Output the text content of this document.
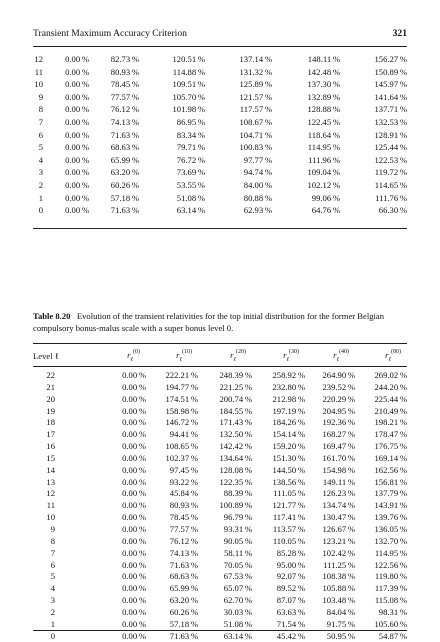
Transient Maximum Accuracy Criterion	321
12	0.00 %	82.73 %	120.51 %	137.14 %	148.11 %	156.27 %
11	0.00 %	80.93 %	114.88 %	131.32 %	142.48 %	150.89 %
10	0.00 %	78.45 %	109.51 %	125.89 %	137.30 %	145.97 %
9	0.00 %	77.57 %	105.70 %	121.57 %	132.89 %	141.64 %
8	0.00 %	76.12 %	101.98 %	117.57 %	128.88 %	137.71 %
7	0.00 %	74.13 %	86.95 %	108.67 %	122.45 %	132.53 %
6	0.00 %	71.63 %	83.34 %	104.71 %	118.64 %	128.91 %
5	0.00 %	68.63 %	79.71 %	100.83 %	114.95 %	125.44 %
4	0.00 %	65.99 %	76.72 %	97.77 %	111.96 %	122.53 %
3	0.00 %	63.20 %	73.69 %	94.74 %	109.04 %	119.72 %
2	0.00 %	60.26 %	53.55 %	84.00 %	102.12 %	114.65 %
1	0.00 %	57.18 %	51.08 %	80.88 %	99.06 %	111.76 %
0	0.00 %	71.63 %	63.14 %	62.93 %	64.76 %	66.30 %
Table 8.20 Evolution of the transient relativities for the top initial distribution for the former Belgian compulsory bonus-malus scale with a super bonus level 0.
Level ℓ	$r_\ell^{(0)}$	$r_\ell^{(10)}$	$r_\ell^{(20)}$	$r_\ell^{(30)}$	$r_\ell^{(40)}$	$r_\ell^{(80)}$
22	0.00 %	222.21 %	248.39 %	258.92 %	264.90 %	269.02 %
21	0.00 %	194.77 %	221.25 %	232.80 %	239.52 %	244.20 %
20	0.00 %	174.51 %	200.74 %	212.98 %	220.29 %	225.44 %
19	0.00 %	158.98 %	184.55 %	197.19 %	204.95 %	210.49 %
18	0.00 %	146.72 %	171.43 %	184.26 %	192.36 %	198.21 %
17	0.00 %	94.41 %	132.50 %	154.14 %	168.27 %	178.47 %
16	0.00 %	108.65 %	142.42 %	159.20 %	169.47 %	176.75 %
15	0.00 %	102.37 %	134.64 %	151.30 %	161.70 %	169.14 %
14	0.00 %	97.45 %	128.08 %	144.50 %	154.98 %	162.56 %
13	0.00 %	93.22 %	122.35 %	138.56 %	149.11 %	156.81 %
12	0.00 %	45.84 %	88.39 %	111.05 %	126.23 %	137.79 %
11	0.00 %	80.93 %	100.89 %	121.77 %	134.74 %	143.91 %
10	0.00 %	78.45 %	96.79 %	117.41 %	130.47 %	139.76 %
9	0.00 %	77.57 %	93.31 %	113.57 %	126.67 %	136.05 %
8	0.00 %	76.12 %	90.05 %	110.05 %	123.21 %	132.70 %
7	0.00 %	74.13 %	58.11 %	85.28 %	102.42 %	114.95 %
6	0.00 %	71.63 %	70.05 %	95.00 %	111.25 %	122.56 %
5	0.00 %	68.63 %	67.53 %	92.07 %	108.38 %	119.80 %
4	0.00 %	65.99 %	65.07 %	89.52 %	105.88 %	117.39 %
3	0.00 %	63.20 %	62.70 %	87.07 %	103.48 %	115.08 %
2	0.00 %	60.26 %	30.03 %	63.63 %	84.04 %	98.31 %
1	0.00 %	57.18 %	51.08 %	71.54 %	91.75 %	105.60 %
0	0.00 %	71.63 %	63.14 %	45.42 %	50.95 %	54.87 %
